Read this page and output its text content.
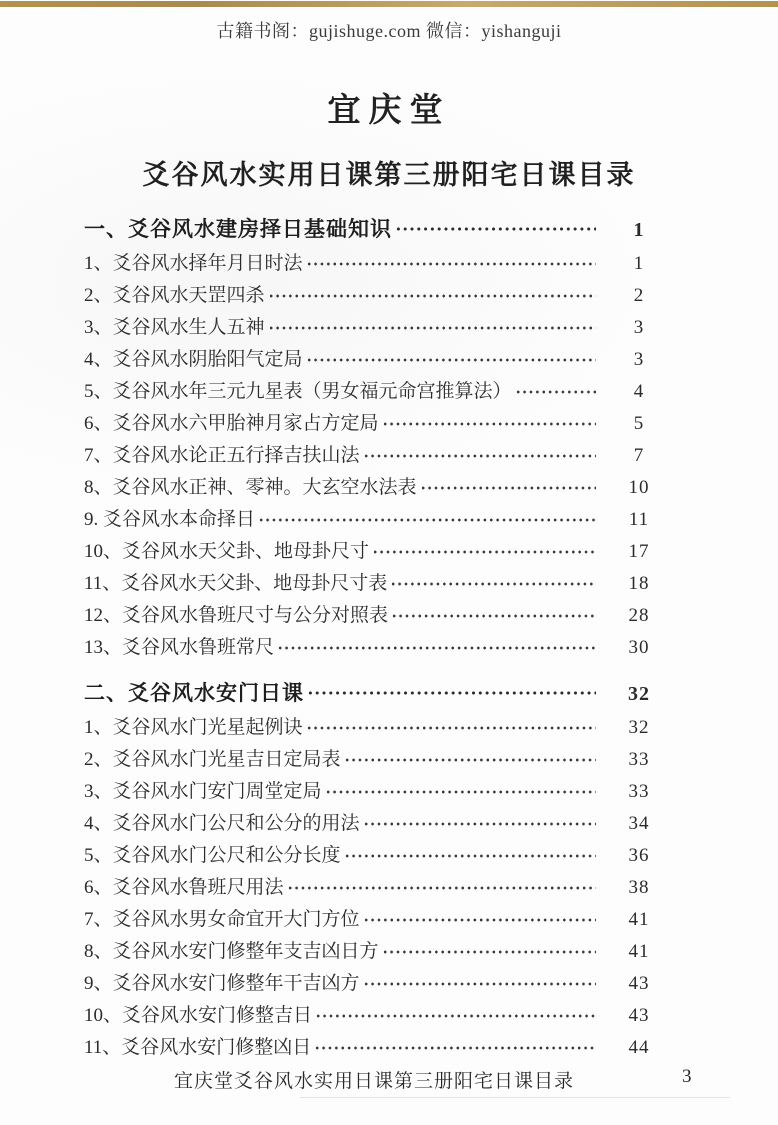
古籍书阁：gujishuge.com 微信：yishanguji
宜庆堂
爻谷风水实用日课第三册阳宅日课目录
一、爻谷风水建房择日基础知识	1
1、爻谷风水择年月日时法	1
2、爻谷风水天罡四杀	2
3、爻谷风水生人五神	3
4、爻谷风水阴胎阳气定局	3
5、爻谷风水年三元九星表（男女福元命宫推算法）	4
6、爻谷风水六甲胎神月家占方定局	5
7、爻谷风水论正五行择吉扶山法	7
8、爻谷风水正神、零神。大玄空水法表	10
9. 爻谷风水本命择日	11
10、爻谷风水天父卦、地母卦尺寸	17
11、爻谷风水天父卦、地母卦尺寸表	18
12、爻谷风水鲁班尺寸与公分对照表	28
13、爻谷风水鲁班常尺	30
二、爻谷风水安门日课	32
1、爻谷风水门光星起例诀	32
2、爻谷风水门光星吉日定局表	33
3、爻谷风水门安门周堂定局	33
4、爻谷风水门公尺和公分的用法	34
5、爻谷风水门公尺和公分长度	36
6、爻谷风水鲁班尺用法	38
7、爻谷风水男女命宜开大门方位	41
8、爻谷风水安门修整年支吉凶日方	41
9、爻谷风水安门修整年干吉凶方	43
10、爻谷风水安门修整吉日	43
11、爻谷风水安门修整凶日	44
宜庆堂爻谷风水实用日课第三册阳宅日课目录	3
